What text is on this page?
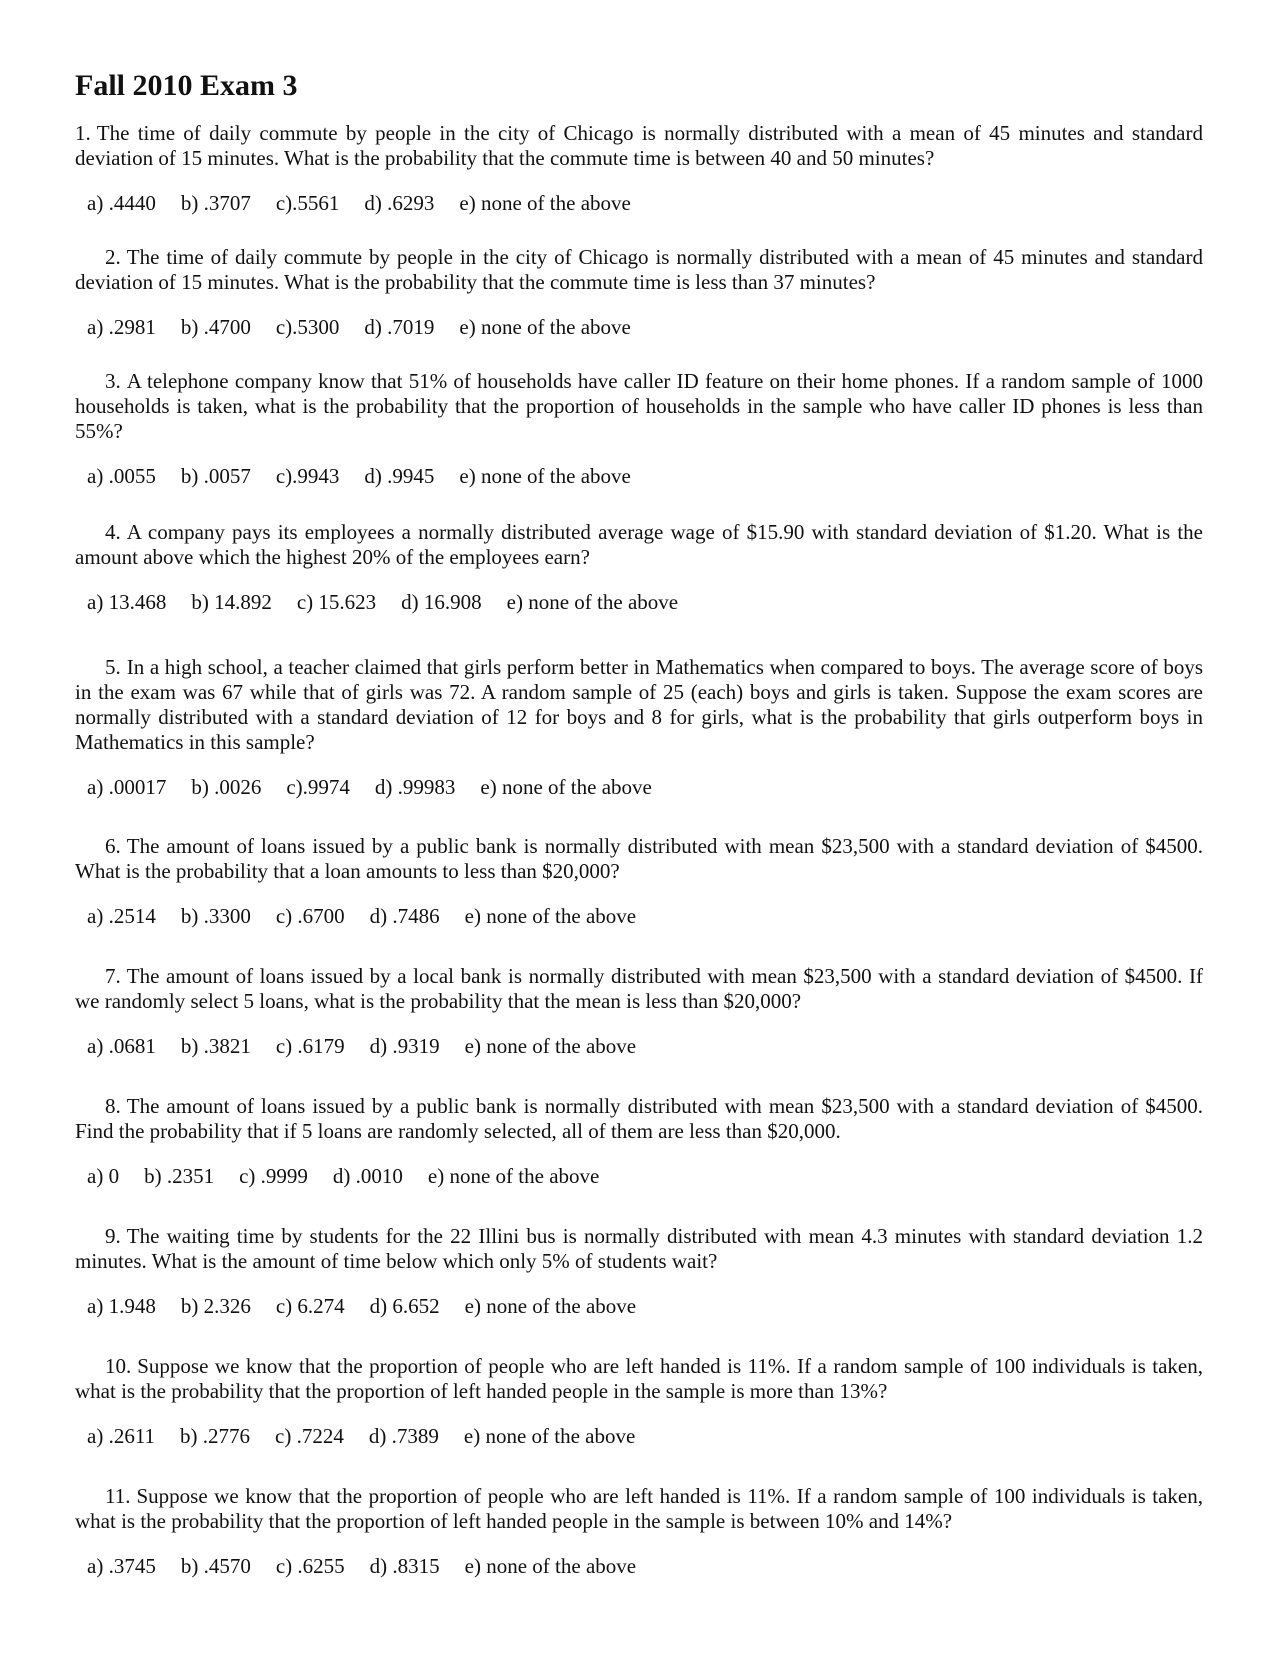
Fall 2010 Exam 3

1. The time of daily commute by people in the city of Chicago is normally distributed with a mean of 45 minutes and standard deviation of 15 minutes. What is the probability that the commute time is between 40 and 50 minutes?

a) .4440 b) .3707 c).5561 d) .6293 e) none of the above

2. The time of daily commute by people in the city of Chicago is normally distributed with a mean of 45 minutes and standard deviation of 15 minutes. What is the probability that the commute time is less than 37 minutes?

a) .2981 b) .4700 c).5300 d) .7019 e) none of the above

3. A telephone company know that 51% of households have caller ID feature on their home phones. If a random sample of 1000 households is taken, what is the probability that the proportion of households in the sample who have caller ID phones is less than 55%?

a) .0055 b) .0057 c).9943 d) .9945 e) none of the above

4. A company pays its employees a normally distributed average wage of $15.90 with standard deviation of $1.20. What is the amount above which the highest 20% of the employees earn?

a) 13.468 b) 14.892 c) 15.623 d) 16.908 e) none of the above

5. In a high school, a teacher claimed that girls perform better in Mathematics when compared to boys. The average score of boys in the exam was 67 while that of girls was 72. A random sample of 25 (each) boys and girls is taken. Suppose the exam scores are normally distributed with a standard deviation of 12 for boys and 8 for girls, what is the probability that girls outperform boys in Mathematics in this sample?

a) .00017 b) .0026 c).9974 d) .99983 e) none of the above

6. The amount of loans issued by a public bank is normally distributed with mean $23,500 with a standard deviation of $4500. What is the probability that a loan amounts to less than $20,000?

a) .2514 b) .3300 c) .6700 d) .7486 e) none of the above

7. The amount of loans issued by a local bank is normally distributed with mean $23,500 with a standard deviation of $4500. If we randomly select 5 loans, what is the probability that the mean is less than $20,000?

a) .0681 b) .3821 c) .6179 d) .9319 e) none of the above

8. The amount of loans issued by a public bank is normally distributed with mean $23,500 with a standard deviation of $4500. Find the probability that if 5 loans are randomly selected, all of them are less than $20,000.

a) 0 b) .2351 c) .9999 d) .0010 e) none of the above

9. The waiting time by students for the 22 Illini bus is normally distributed with mean 4.3 minutes with standard deviation 1.2 minutes. What is the amount of time below which only 5% of students wait?

a) 1.948 b) 2.326 c) 6.274 d) 6.652 e) none of the above

10. Suppose we know that the proportion of people who are left handed is 11%. If a random sample of 100 individuals is taken, what is the probability that the proportion of left handed people in the sample is more than 13%?

a) .2611 b) .2776 c) .7224 d) .7389 e) none of the above

11. Suppose we know that the proportion of people who are left handed is 11%. If a random sample of 100 individuals is taken, what is the probability that the proportion of left handed people in the sample is between 10% and 14%?

a) .3745 b) .4570 c) .6255 d) .8315 e) none of the above
